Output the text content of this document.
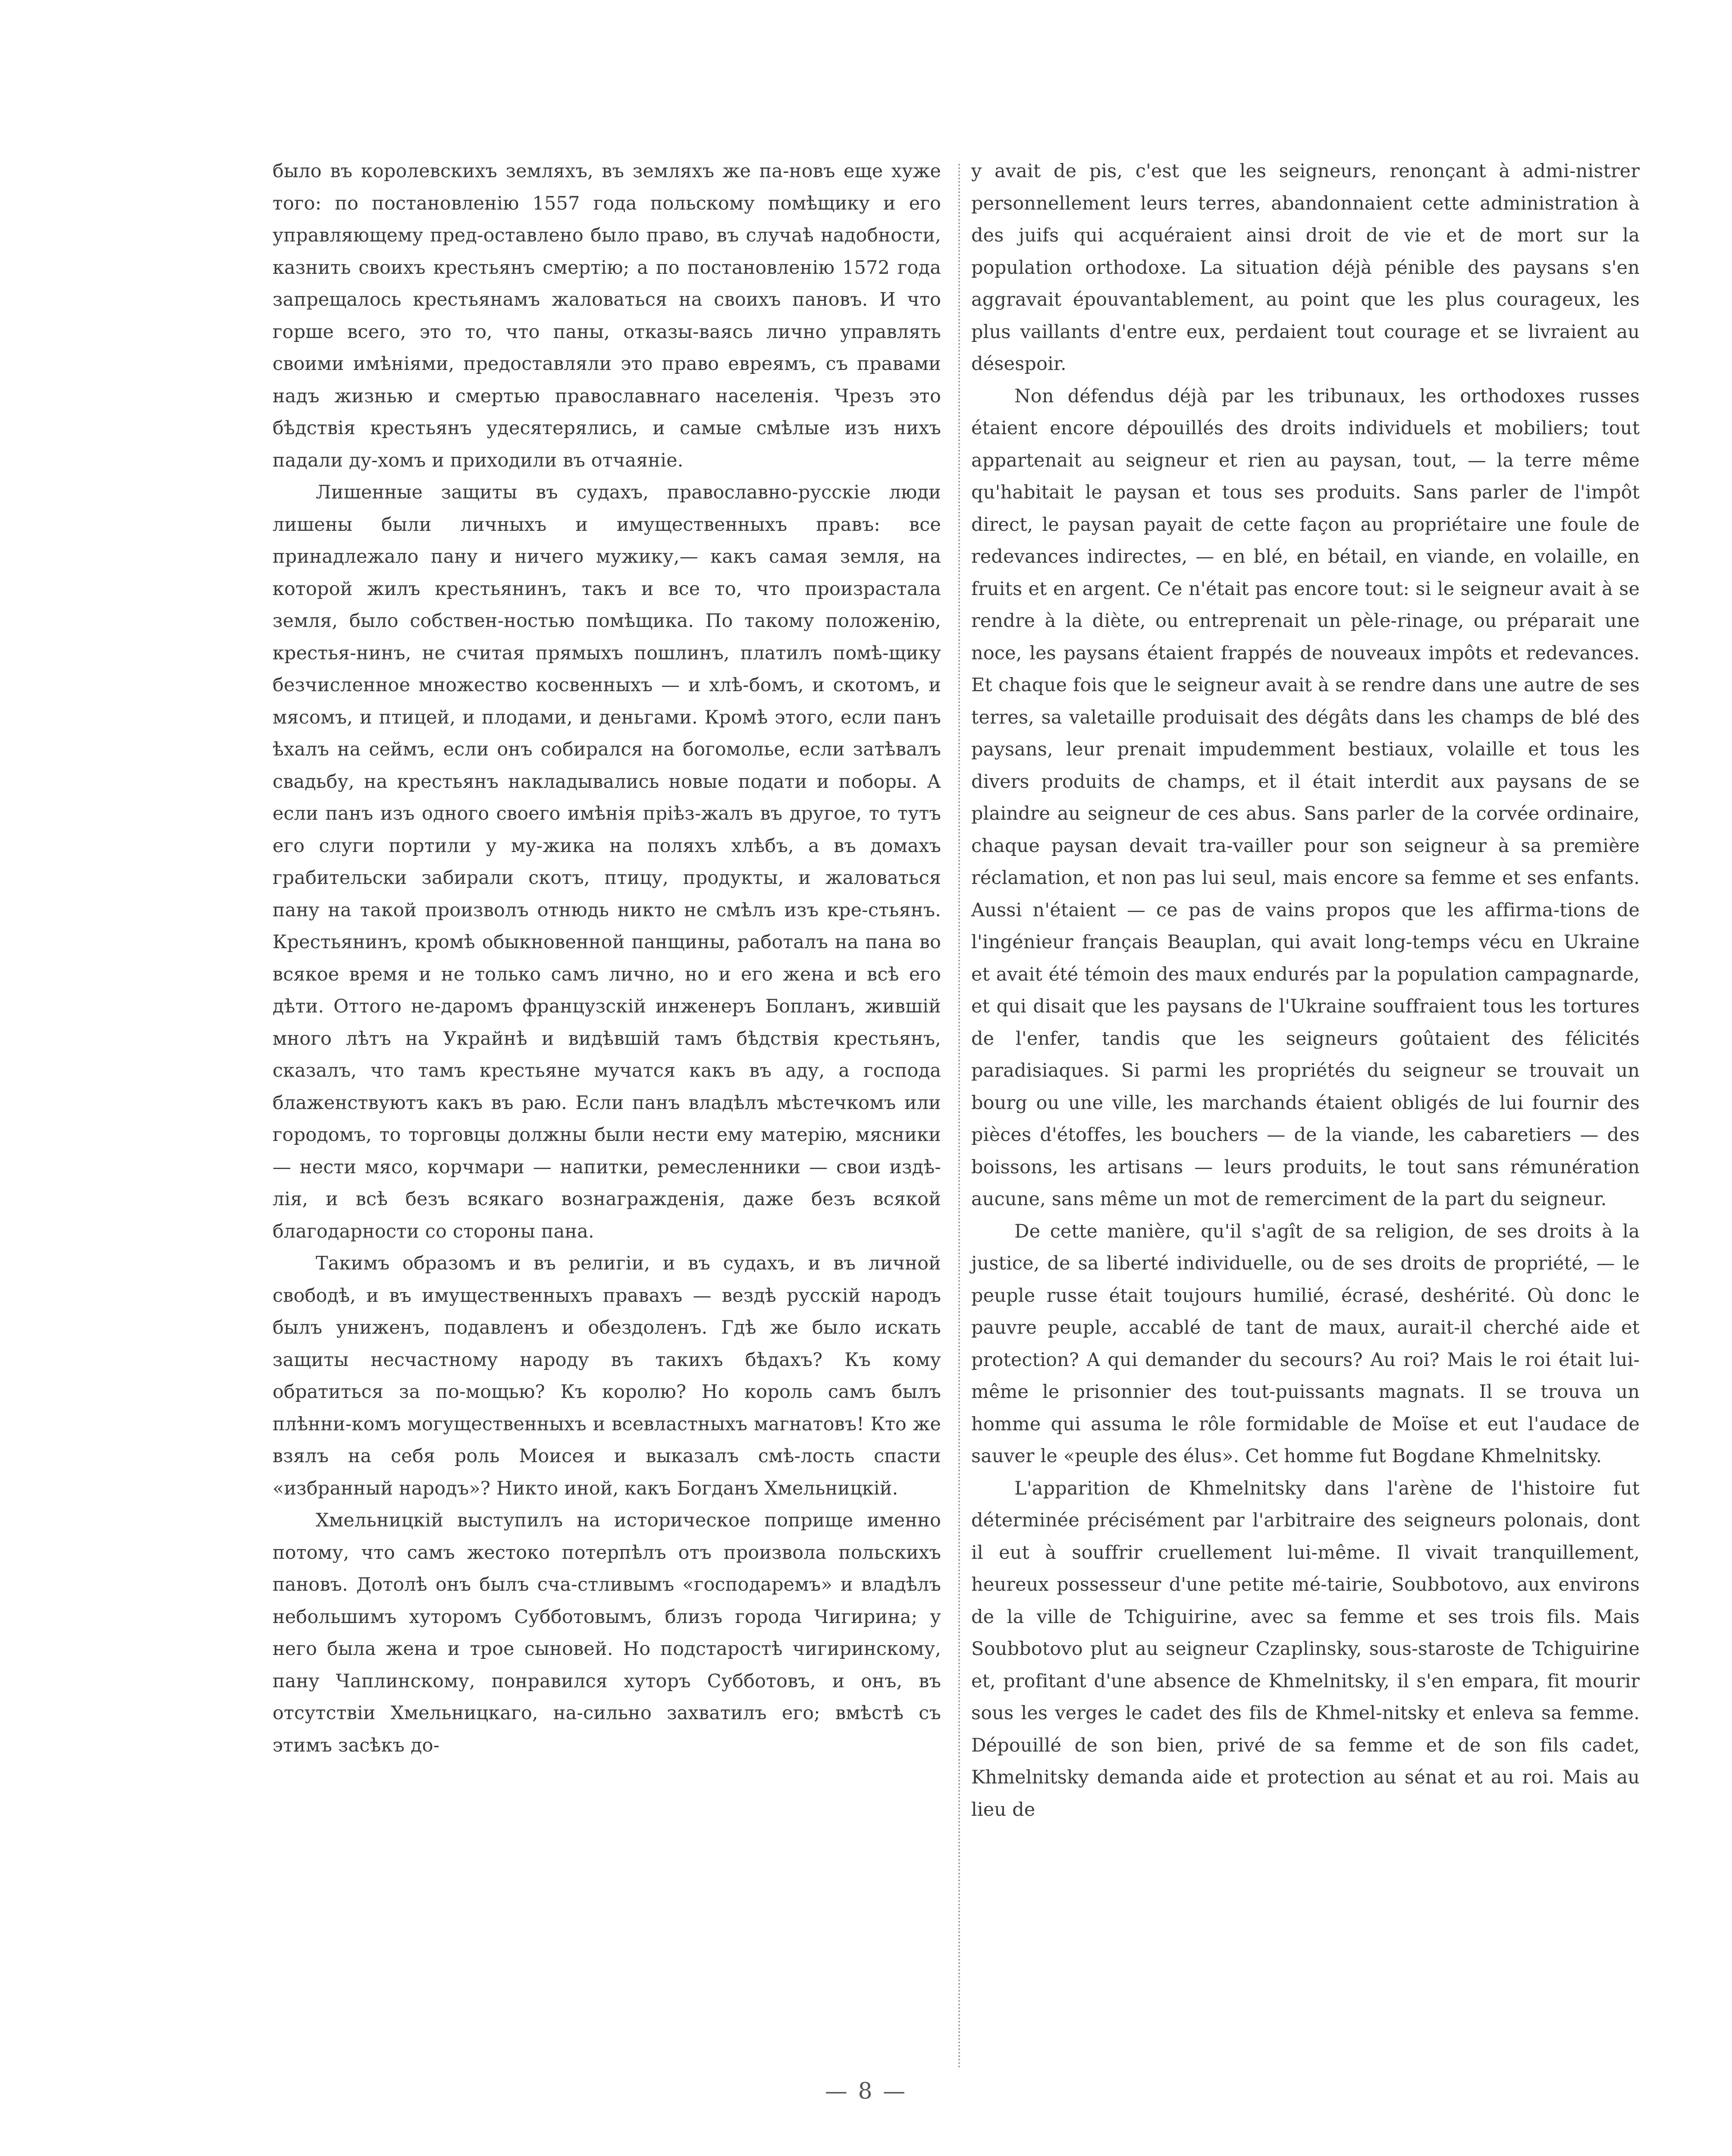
было въ королевскихъ земляхъ, въ земляхъ же па-новъ еще хуже того: по постановленію 1557 года польскому помѣщику и его управляющему пред-оставлено было право, въ случаѣ надобности, казнить своихъ крестьянъ смертію; а по постановленію 1572 года запрещалось крестьянамъ жаловаться на своихъ пановъ. И что горше всего, это то, что паны, отказы-ваясь лично управлять своими имѣніями, предоставляли это право евреямъ, съ правами надъ жизнью и смертью православнаго населенія. Чрезъ это бѣдствія крестьянъ удесятерялись, и самые смѣлые изъ нихъ падали ду-хомъ и приходили въ отчаяніе.

Лишенные защиты въ судахъ, православно-русскіе люди лишены были личныхъ и имущественныхъ правъ: все принадлежало пану и ничего мужику,— какъ самая земля, на которой жилъ крестьянинъ, такъ и все то, что произрастала земля, было собствен-ностью помѣщика. По такому положенію, крестья-нинъ, не считая прямыхъ пошлинъ, платилъ помѣ-щику безчисленное множество косвенныхъ — и хлѣ-бомъ, и скотомъ, и мясомъ, и птицей, и плодами, и деньгами. Кромѣ этого, если панъ ѣхалъ на сеймъ, если онъ собирался на богомолье, если затѣвалъ свадьбу, на крестьянъ накладывались новые подати и поборы. А если панъ изъ одного своего имѣнія пріѣз-жалъ въ другое, то тутъ его слуги портили у му-жика на поляхъ хлѣбъ, а въ домахъ грабительски забирали скотъ, птицу, продукты, и жаловаться пану на такой произволъ отнюдь никто не смѣлъ изъ кре-стьянъ. Крестьянинъ, кромѣ обыкновенной панщины, работалъ на пана во всякое время и не только самъ лично, но и его жена и всѣ его дѣти. Оттого не-даромъ французскій инженеръ Бопланъ, жившій много лѣтъ на Украйнѣ и видѣвшій тамъ бѣдствія крестьянъ, сказалъ, что тамъ крестьяне мучатся какъ въ аду, а господа блаженствуютъ какъ въ раю. Если панъ владѣлъ мѣстечкомъ или городомъ, то торговцы должны были нести ему матерію, мясники — нести мясо, корчмари — напитки, ремесленники — свои издѣ-лія, и всѣ безъ всякаго вознагражденія, даже безъ всякой благодарности со стороны пана.

Такимъ образомъ и въ религіи, и въ судахъ, и въ личной свободѣ, и въ имущественныхъ правахъ — вездѣ русскій народъ былъ униженъ, подавленъ и обездоленъ. Гдѣ же было искать защиты несчастному народу въ такихъ бѣдахъ? Къ кому обратиться за по-мощью? Къ королю? Но король самъ былъ плѣнни-комъ могущественныхъ и всевластныхъ магнатовъ! Кто же взялъ на себя роль Моисея и выказалъ смѣ-лость спасти «избранный народъ»? Никто иной, какъ Богданъ Хмельницкій.

Хмельницкій выступилъ на историческое поприще именно потому, что самъ жестоко потерпѣлъ отъ произвола польскихъ пановъ. Дотолѣ онъ былъ сча-стливымъ «господаремъ» и владѣлъ небольшимъ хуторомъ Субботовымъ, близъ города Чигирина; у него была жена и трое сыновей. Но подстаростѣ чигиринскому, пану Чаплинскому, понравился хуторъ Субботовъ, и онъ, въ отсутствіи Хмельницкаго, на-сильно захватилъ его; вмѣстѣ съ этимъ засѣкъ до-

y avait de pis, c'est que les seigneurs, renonçant à admi-nistrer personnellement leurs terres, abandonnaient cette administration à des juifs qui acquéraient ainsi droit de vie et de mort sur la population orthodoxe. La situation déjà pénible des paysans s'en aggravait épouvantablement, au point que les plus courageux, les plus vaillants d'entre eux, perdaient tout courage et se livraient au désespoir.

Non défendus déjà par les tribunaux, les orthodoxes russes étaient encore dépouillés des droits individuels et mobiliers; tout appartenait au seigneur et rien au paysan, tout, — la terre même qu'habitait le paysan et tous ses produits. Sans parler de l'impôt direct, le paysan payait de cette façon au propriétaire une foule de redevances indirectes, — en blé, en bétail, en viande, en volaille, en fruits et en argent. Ce n'était pas encore tout: si le seigneur avait à se rendre à la diète, ou entreprenait un pèle-rinage, ou préparait une noce, les paysans étaient frappés de nouveaux impôts et redevances. Et chaque fois que le seigneur avait à se rendre dans une autre de ses terres, sa valetaille produisait des dégâts dans les champs de blé des paysans, leur prenait impudemment bestiaux, volaille et tous les divers produits de champs, et il était interdit aux paysans de se plaindre au seigneur de ces abus. Sans parler de la corvée ordinaire, chaque paysan devait tra-vailler pour son seigneur à sa première réclamation, et non pas lui seul, mais encore sa femme et ses enfants. Aussi n'étaient — ce pas de vains propos que les affirma-tions de l'ingénieur français Beauplan, qui avait long-temps vécu en Ukraine et avait été témoin des maux endurés par la population campagnarde, et qui disait que les paysans de l'Ukraine souffraient tous les tortures de l'enfer, tandis que les seigneurs goûtaient des félicités paradisiaques. Si parmi les propriétés du seigneur se trouvait un bourg ou une ville, les marchands étaient obligés de lui fournir des pièces d'étoffes, les bouchers — de la viande, les cabaretiers — des boissons, les artisans — leurs produits, le tout sans rémunération aucune, sans même un mot de remerciment de la part du seigneur.

De cette manière, qu'il s'agît de sa religion, de ses droits à la justice, de sa liberté individuelle, ou de ses droits de propriété, — le peuple russe était toujours humilié, écrasé, deshérité. Où donc le pauvre peuple, accablé de tant de maux, aurait-il cherché aide et protection? A qui demander du secours? Au roi? Mais le roi était lui-même le prisonnier des tout-puissants magnats. Il se trouva un homme qui assuma le rôle formidable de Moïse et eut l'audace de sauver le «peuple des élus». Cet homme fut Bogdane Khmelnitsky.

L'apparition de Khmelnitsky dans l'arène de l'histoire fut déterminée précisément par l'arbitraire des seigneurs polonais, dont il eut à souffrir cruellement lui-même. Il vivait tranquillement, heureux possesseur d'une petite mé-tairie, Soubbotovo, aux environs de la ville de Tchiguirine, avec sa femme et ses trois fils. Mais Soubbotovo plut au seigneur Czaplinsky, sous-staroste de Tchiguirine et, profitant d'une absence de Khmelnitsky, il s'en empara, fit mourir sous les verges le cadet des fils de Khmel-nitsky et enleva sa femme. Dépouillé de son bien, privé de sa femme et de son fils cadet, Khmelnitsky demanda aide et protection au sénat et au roi. Mais au lieu de

— 8 —
